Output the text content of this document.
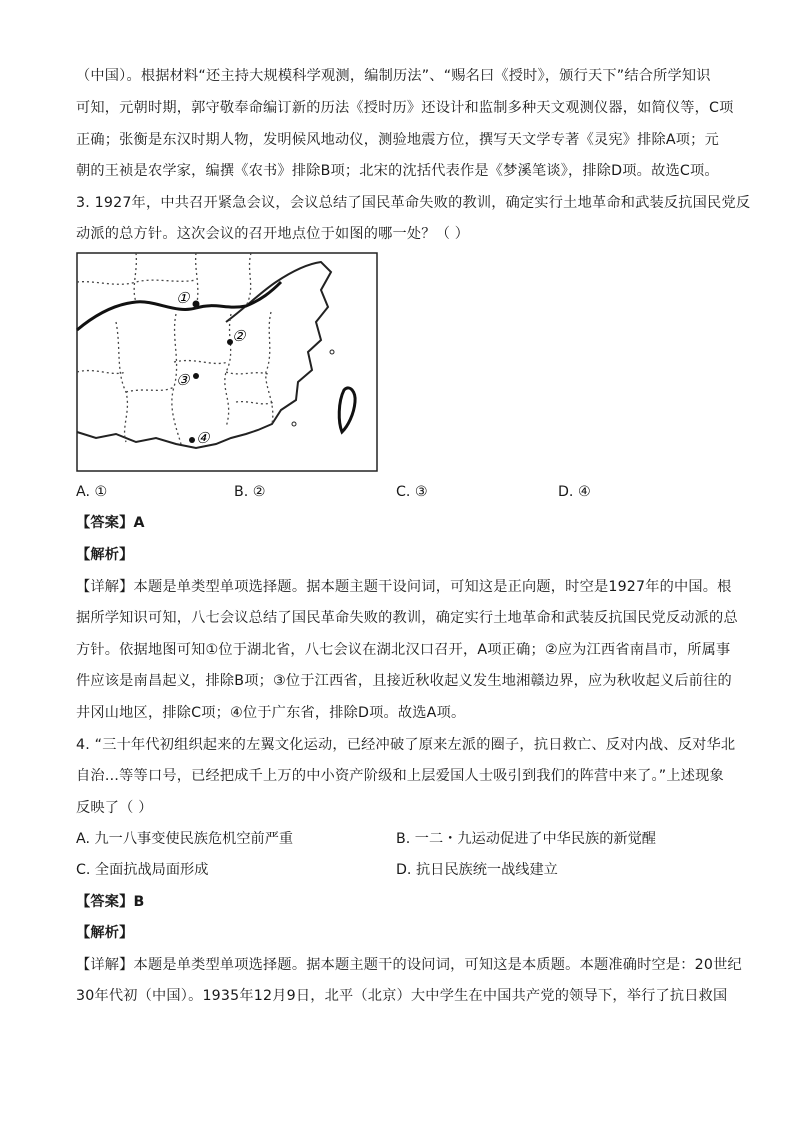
（中国）。根据材料“还主持大规模科学观测，编制历法”、“赐名曰《授时》，颁行天下”结合所学知识
可知，元朝时期，郭守敬奉命编订新的历法《授时历》还设计和监制多种天文观测仪器，如简仪等，C项
正确；张衡是东汉时期人物，发明候风地动仪，测验地震方位，撰写天文学专著《灵宪》排除A项；元
朝的王祯是农学家，编撰《农书》排除B项；北宋的沈括代表作是《梦溪笔谈》，排除D项。故选C项。
3. 1927年，中共召开紧急会议，会议总结了国民革命失败的教训，确定实行土地革命和武装反抗国民党反
动派的总方针。这次会议的召开地点位于如图的哪一处？（ ）
①
②
③
④
A. ①	B. ②	C. ③	D. ④
【答案】A
【解析】
【详解】本题是单类型单项选择题。据本题主题干设问词，可知这是正向题，时空是1927年的中国。根
据所学知识可知，八七会议总结了国民革命失败的教训，确定实行土地革命和武装反抗国民党反动派的总
方针。依据地图可知①位于湖北省，八七会议在湖北汉口召开，A项正确；②应为江西省南昌市，所属事
件应该是南昌起义，排除B项；③位于江西省，且接近秋收起义发生地湘赣边界，应为秋收起义后前往的
井冈山地区，排除C项；④位于广东省，排除D项。故选A项。
4. “三十年代初组织起来的左翼文化运动，已经冲破了原来左派的圈子，抗日救亡、反对内战、反对华北
自治…等等口号，已经把成千上万的中小资产阶级和上层爱国人士吸引到我们的阵营中来了。”上述现象
反映了（ ）
A. 九一八事变使民族危机空前严重	B. 一二・九运动促进了中华民族的新觉醒
C. 全面抗战局面形成	D. 抗日民族统一战线建立
【答案】B
【解析】
【详解】本题是单类型单项选择题。据本题主题干的设问词，可知这是本质题。本题准确时空是：20世纪
30年代初（中国）。1935年12月9日，北平（北京）大中学生在中国共产党的领导下，举行了抗日救国
